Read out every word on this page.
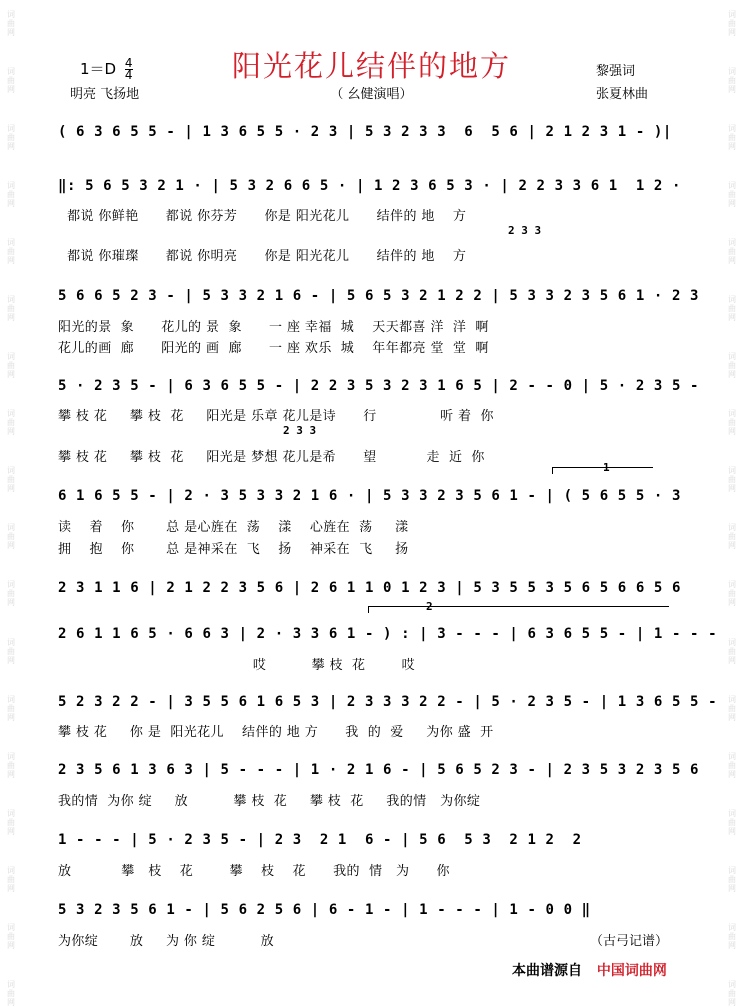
词曲网
词曲网
词曲网
词曲网
词曲网
词曲网
词曲网
词曲网
词曲网
词曲网
词曲网
词曲网
词曲网
词曲网
词曲网
词曲网
词曲网
词曲网
词曲网
词曲网
词曲网
词曲网
词曲网
词曲网
词曲网
词曲网
词曲网
词曲网
词曲网
词曲网
词曲网
词曲网
词曲网
词曲网
词曲网
词曲网
阳光花儿结伴的地方
$1=D \frac{4}{4}$
明亮 飞扬地	（ 幺健演唱）
黎强词
张夏林曲
( 6 3 6 5 5 - | 1 3 6 5 5 · 2 3 | 5 3 2 3 3  6  5 6 | 2 1 2 3 1 - )|
‖: 5 6 5 3 2 1 · | 5 3 2 6 6 5 · | 1 2 3 6 5 3 · | 2 2 3 3 6 1  1 2 ·
都说 你鲜艳      都说 你芬芳      你是 阳光花儿      结伴的 地    方
2 3 3
都说 你璀璨      都说 你明亮      你是 阳光花儿      结伴的 地    方
5 6 6 5 2 3 - | 5 3 3 2 1 6 - | 5 6 5 3 2 1 2 2 | 5 3 3 2 3 5 6 1 · 2 3
阳光的景  象      花儿的 景  象      一 座 幸福  城    天天都喜 洋  洋  啊
花儿的画  廊      阳光的 画  廊      一 座 欢乐  城    年年都亮 堂  堂  啊
5 · 2 3 5 - | 6 3 6 5 5 - | 2 2 3 5 3 2 3 1 6 5 | 2 - - 0 | 5 · 2 3 5 -
攀 枝 花     攀 枝  花     阳光是 乐章 花儿是诗      行              听 着  你
2 3 3
攀 枝 花     攀 枝  花     阳光是 梦想 花儿是希      望           走  近  你
1
6 1 6 5 5 - | 2 · 3 5 3 3 2 1 6 · | 5 3 3 2 3 5 6 1 - | ( 5 6 5 5 · 3
读    着    你       总 是心旌在  荡    漾    心旌在  荡     漾
拥    抱    你       总 是神采在  飞    扬    神采在  飞     扬
2 3 1 1 6 | 2 1 2 2 3 5 6 | 2 6 1 1 0 1 2 3 | 5 3 5 5 3 5 6 5 6 6 5 6
2
2 6 1 1 6 5 · 6 6 3 | 2 · 3 3 6 1 - ) : | 3 - - - | 6 3 6 5 5 - | 1 - - -
哎          攀 枝  花        哎
5 2 3 2 2 - | 3 5 5 6 1 6 5 3 | 2 3 3 3 2 2 - | 5 · 2 3 5 - | 1 3 6 5 5 -
攀 枝 花     你 是  阳光花儿    结伴的 地 方      我  的  爱     为你 盛  开
2 3 5 6 1 3 6 3 | 5 - - - | 1 · 2 1 6 - | 5 6 5 2 3 - | 2 3 5 3 2 3 5 6
我的情  为你 绽     放          攀 枝  花     攀 枝  花     我的情   为你绽
1 - - - | 5 · 2 3 5 - | 2 3  2 1  6 - | 5 6  5 3  2 1 2  2
放           攀   枝    花        攀    枝    花      我的  情   为      你
5 3 2 3 5 6 1 - | 5 6 2 5 6 | 6 - 1 - | 1 - - - | 1 - 0 0 ‖
为你绽       放     为 你 绽          放	（古弓记谱）
本曲谱源自 中国词曲网
